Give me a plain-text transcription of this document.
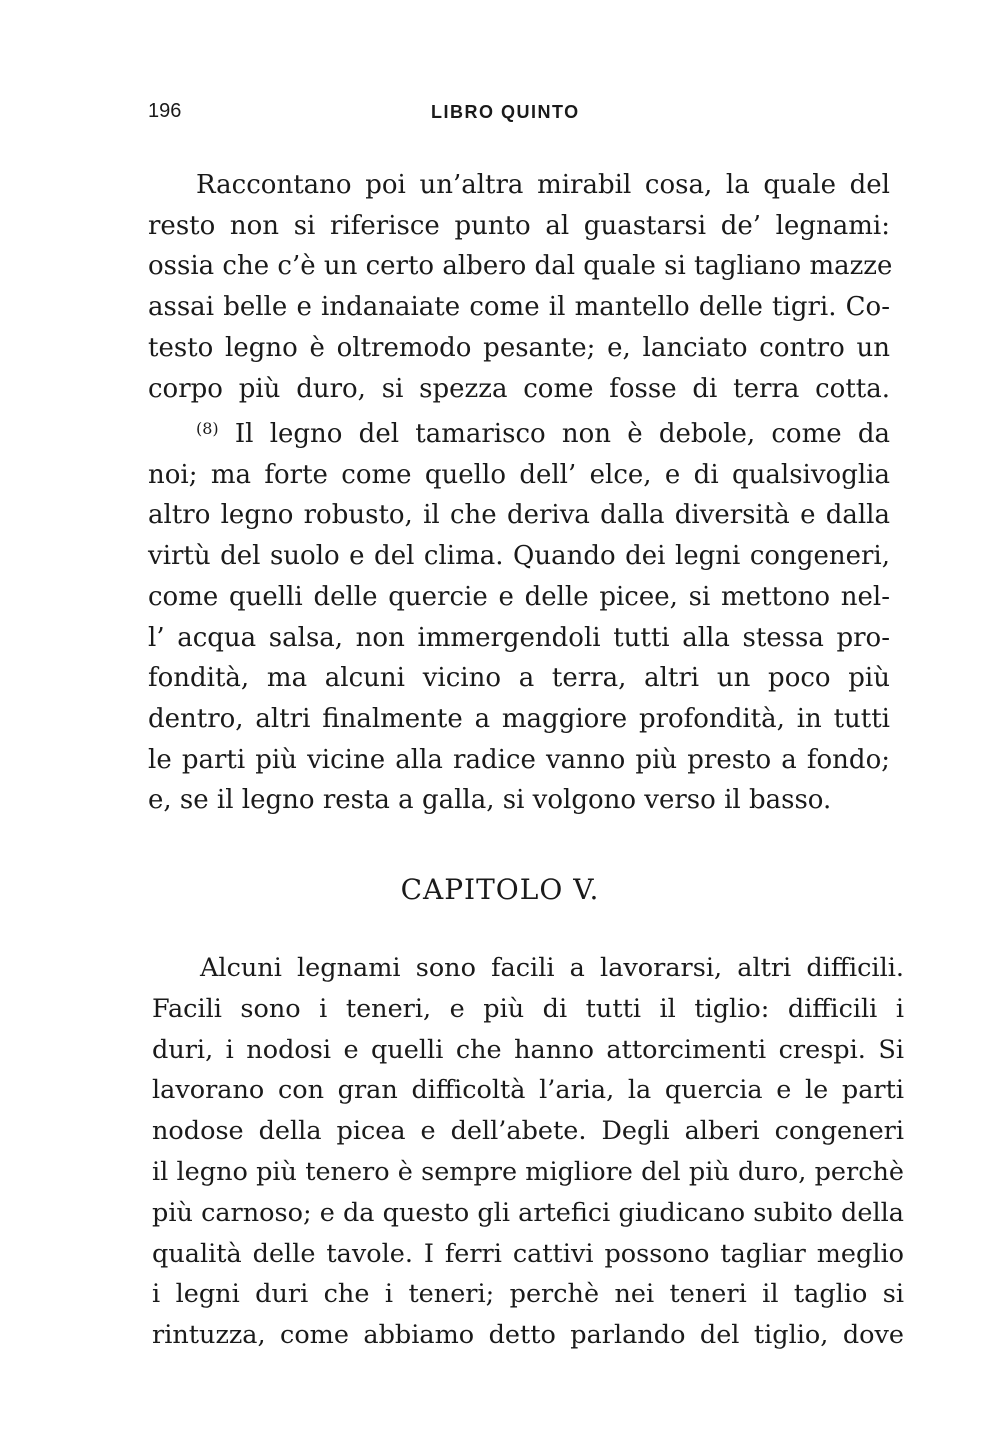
196	LIBRO QUINTO

Raccontano poi un’altra mirabil cosa, la quale del
resto non si riferisce punto al guastarsi de’ legnami:
ossia che c’è un certo albero dal quale si tagliano mazze
assai belle e indanaiate come il mantello delle tigri. Co-
testo legno è oltremodo pesante; e, lanciato contro un
corpo più duro, si spezza come fosse di terra cotta.

$^{(8)}$ Il legno del tamarisco non è debole, come da
noi; ma forte come quello dell’ elce, e di qualsivoglia
altro legno robusto, il che deriva dalla diversità e dalla
virtù del suolo e del clima. Quando dei legni congeneri,
come quelli delle quercie e delle picee, si mettono nel-
l’ acqua salsa, non immergendoli tutti alla stessa pro-
fondità, ma alcuni vicino a terra, altri un poco più
dentro, altri finalmente a maggiore profondità, in tutti
le parti più vicine alla radice vanno più presto a fondo;
e, se il legno resta a galla, si volgono verso il basso.

CAPITOLO V.

Alcuni legnami sono facili a lavorarsi, altri difficili.
Facili sono i teneri, e più di tutti il tiglio: difficili i
duri, i nodosi e quelli che hanno attorcimenti crespi. Si
lavorano con gran difficoltà l’aria, la quercia e le parti
nodose della picea e dell’abete. Degli alberi congeneri
il legno più tenero è sempre migliore del più duro, perchè
più carnoso; e da questo gli artefici giudicano subito della
qualità delle tavole. I ferri cattivi possono tagliar meglio
i legni duri che i teneri; perchè nei teneri il taglio si
rintuzza, come abbiamo detto parlando del tiglio, dove
